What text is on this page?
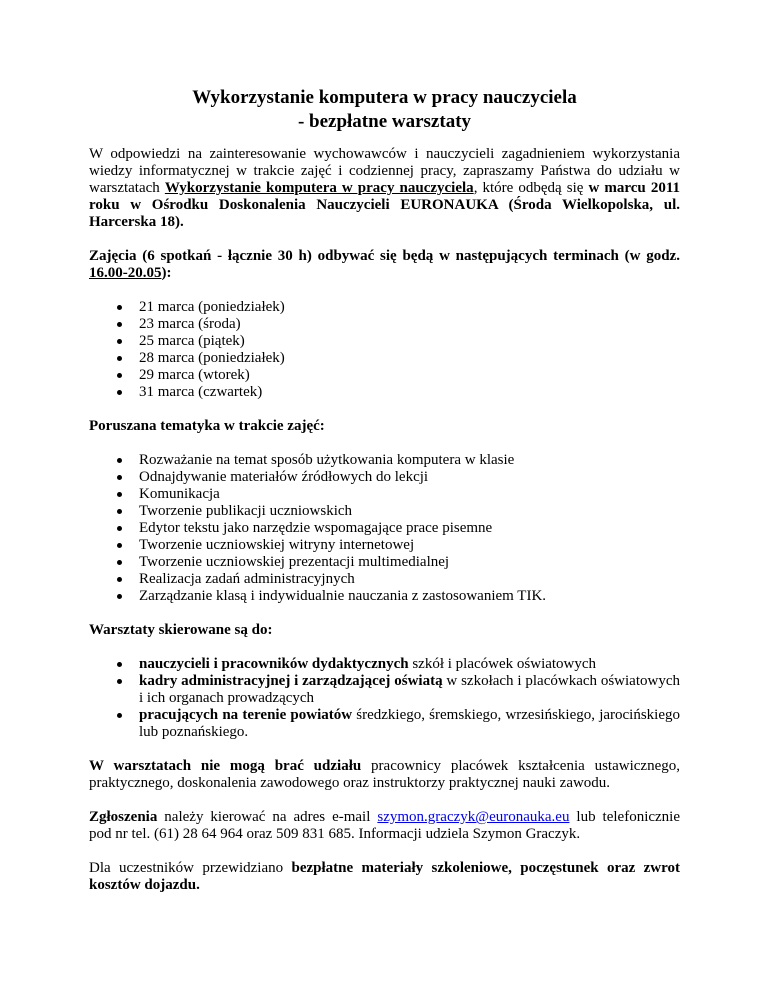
Wykorzystanie komputera w pracy nauczyciela

- bezpłatne warsztaty

W odpowiedzi na zainteresowanie wychowawców i nauczycieli zagadnieniem wykorzystania wiedzy informatycznej w trakcie zajęć i codziennej pracy, zapraszamy Państwa do udziału w warsztatach Wykorzystanie komputera w pracy nauczyciela, które odbędą się w marcu 2011 roku w Ośrodku Doskonalenia Nauczycieli EURONAUKA (Środa Wielkopolska, ul. Harcerska 18).

Zajęcia (6 spotkań - łącznie 30 h) odbywać się będą w następujących terminach (w godz. 16.00-20.05):

21 marca (poniedziałek)
23 marca (środa)
25 marca (piątek)
28 marca (poniedziałek)
29 marca (wtorek)
31 marca (czwartek)

Poruszana tematyka w trakcie zajęć:

Rozważanie na temat sposób użytkowania komputera w klasie
Odnajdywanie materiałów źródłowych do lekcji
Komunikacja
Tworzenie publikacji uczniowskich
Edytor tekstu jako narzędzie wspomagające prace pisemne
Tworzenie uczniowskiej witryny internetowej
Tworzenie uczniowskiej prezentacji multimedialnej
Realizacja zadań administracyjnych
Zarządzanie klasą i indywidualnie nauczania z zastosowaniem TIK.

Warsztaty skierowane są do:

nauczycieli i pracowników dydaktycznych szkół i placówek oświatowych
kadry administracyjnej i zarządzającej oświatą w szkołach i placówkach oświatowych i ich organach prowadzących
pracujących na terenie powiatów średzkiego, śremskiego, wrzesińskiego, jarocińskiego lub poznańskiego.

W warsztatach nie mogą brać udziału pracownicy placówek kształcenia ustawicznego, praktycznego, doskonalenia zawodowego oraz instruktorzy praktycznej nauki zawodu.

Zgłoszenia należy kierować na adres e-mail szymon.graczyk@euronauka.eu lub telefonicznie pod nr tel. (61) 28 64 964 oraz 509 831 685. Informacji udziela Szymon Graczyk.

Dla uczestników przewidziano bezpłatne materiały szkoleniowe, poczęstunek oraz zwrot kosztów dojazdu.
